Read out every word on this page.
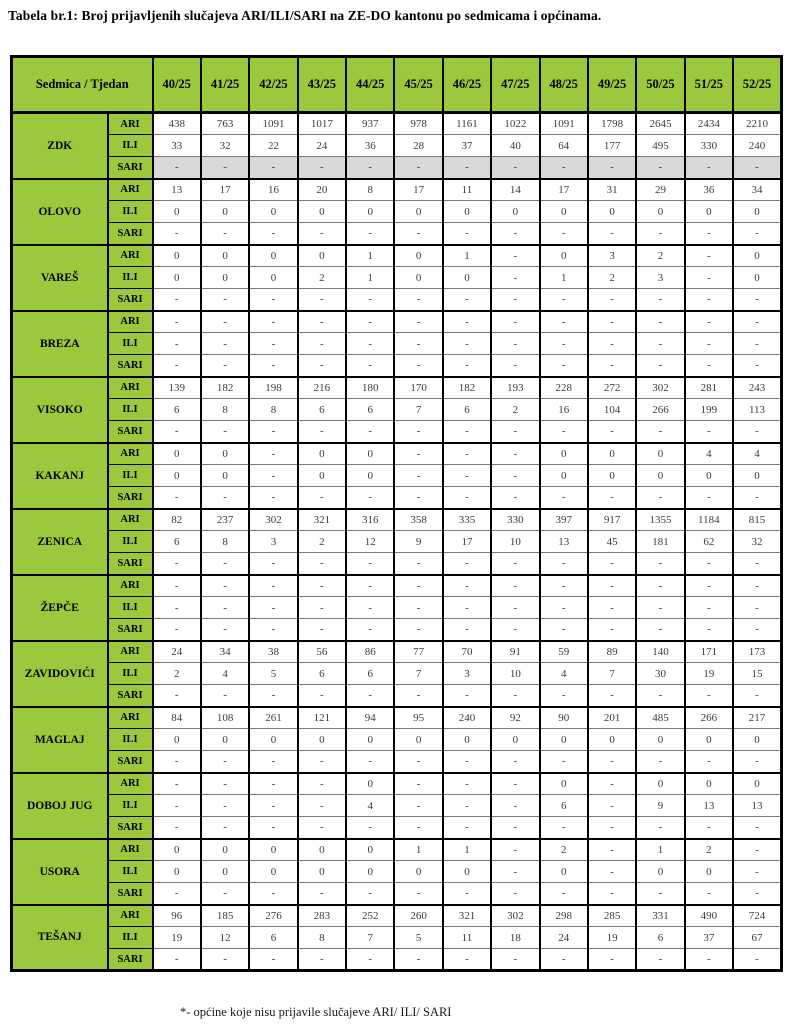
Tabela br.1: Broj prijavljenih slučajeva ARI/ILI/SARI na ZE-DO kantonu po sedmicama i općinama.
Sedmica / Tjedan		40/25	41/25	42/25	43/25	44/25	45/25	46/25	47/25	48/25	49/25	50/25	51/25	52/25
ZDK	ARI	438	763	1091	1017	937	978	1161	1022	1091	1798	2645	2434	2210
	ILI	33	32	22	24	36	28	37	40	64	177	495	330	240
	SARI	-	-	-	-	-	-	-	-	-	-	-	-	-
OLOVO	ARI	13	17	16	20	8	17	11	14	17	31	29	36	34
	ILI	0	0	0	0	0	0	0	0	0	0	0	0	0
	SARI	-	-	-	-	-	-	-	-	-	-	-	-	-
VAREŠ	ARI	0	0	0	0	1	0	1	-	0	3	2	-	0
	ILI	0	0	0	2	1	0	0	-	1	2	3	-	0
	SARI	-	-	-	-	-	-	-	-	-	-	-	-	-
BREZA	ARI	-	-	-	-	-	-	-	-	-	-	-	-	-
	ILI	-	-	-	-	-	-	-	-	-	-	-	-	-
	SARI	-	-	-	-	-	-	-	-	-	-	-	-	-
VISOKO	ARI	139	182	198	216	180	170	182	193	228	272	302	281	243
	ILI	6	8	8	6	6	7	6	2	16	104	266	199	113
	SARI	-	-	-	-	-	-	-	-	-	-	-	-	-
KAKANJ	ARI	0	0	-	0	0	-	-	-	0	0	0	4	4
	ILI	0	0	-	0	0	-	-	-	0	0	0	0	0
	SARI	-	-	-	-	-	-	-	-	-	-	-	-	-
ZENICA	ARI	82	237	302	321	316	358	335	330	397	917	1355	1184	815
	ILI	6	8	3	2	12	9	17	10	13	45	181	62	32
	SARI	-	-	-	-	-	-	-	-	-	-	-	-	-
ŽEPČE	ARI	-	-	-	-	-	-	-	-	-	-	-	-	-
	ILI	-	-	-	-	-	-	-	-	-	-	-	-	-
	SARI	-	-	-	-	-	-	-	-	-	-	-	-	-
ZAVIDOVIĆI	ARI	24	34	38	56	86	77	70	91	59	89	140	171	173
	ILI	2	4	5	6	6	7	3	10	4	7	30	19	15
	SARI	-	-	-	-	-	-	-	-	-	-	-	-	-
MAGLAJ	ARI	84	108	261	121	94	95	240	92	90	201	485	266	217
	ILI	0	0	0	0	0	0	0	0	0	0	0	0	0
	SARI	-	-	-	-	-	-	-	-	-	-	-	-	-
DOBOJ JUG	ARI	-	-	-	-	0	-	-	-	0	-	0	0	0
	ILI	-	-	-	-	4	-	-	-	6	-	9	13	13
	SARI	-	-	-	-	-	-	-	-	-	-	-	-	-
USORA	ARI	0	0	0	0	0	1	1	-	2	-	1	2	-
	ILI	0	0	0	0	0	0	0	-	0	-	0	0	-
	SARI	-	-	-	-	-	-	-	-	-	-	-	-	-
TEŠANJ	ARI	96	185	276	283	252	260	321	302	298	285	331	490	724
	ILI	19	12	6	8	7	5	11	18	24	19	6	37	67
	SARI	-	-	-	-	-	-	-	-	-	-	-	-	-
*- općine koje nisu prijavile slučajeve ARI/ ILI/ SARI
